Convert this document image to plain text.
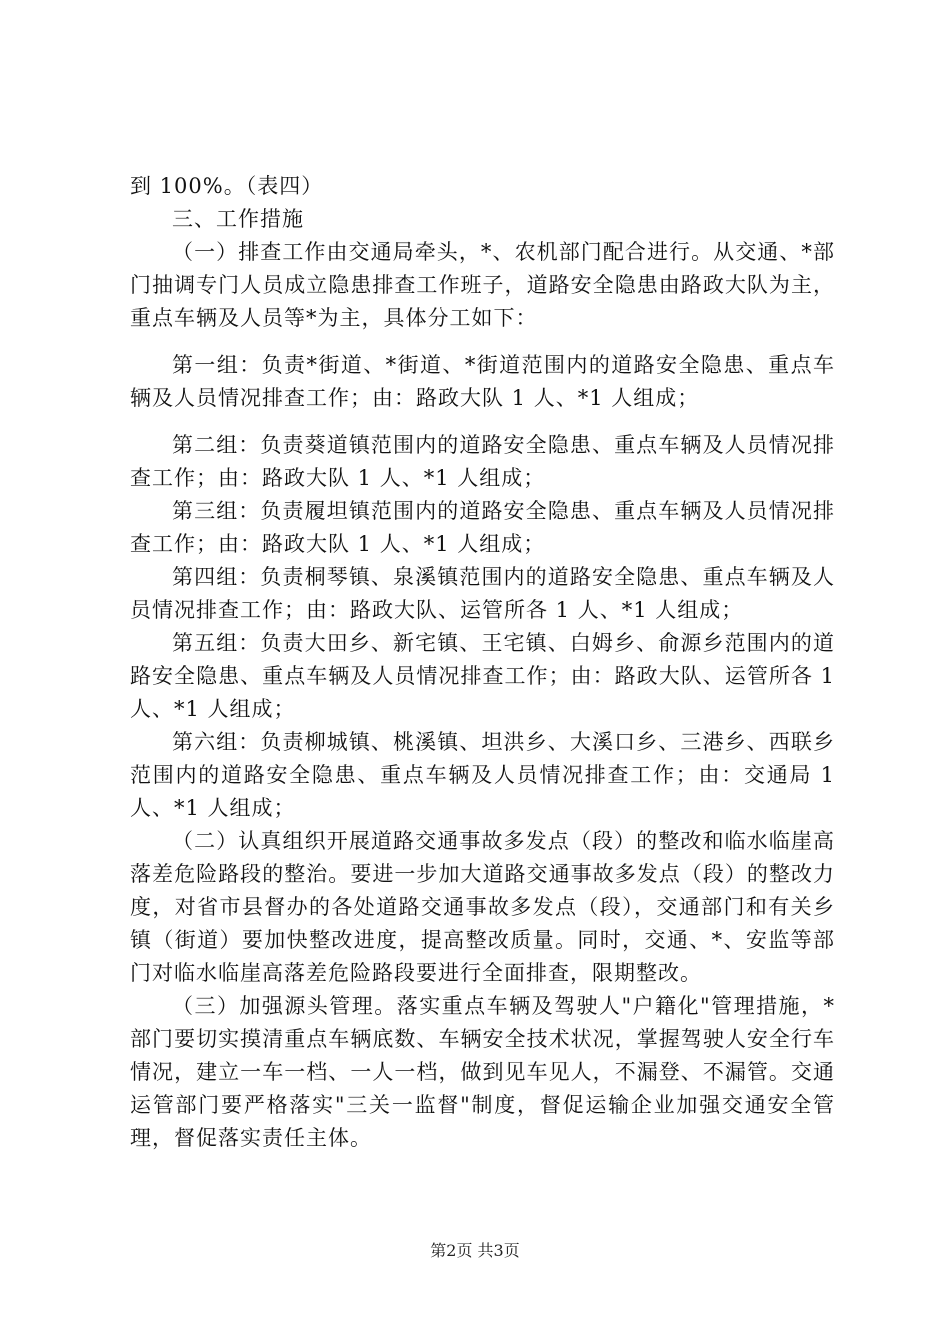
到 100%。（表四）

三、工作措施

（一）排查工作由交通局牵头，*、农机部门配合进行。从交通、*部门抽调专门人员成立隐患排查工作班子，道路安全隐患由路政大队为主，重点车辆及人员等*为主，具体分工如下：

第一组：负责*街道、*街道、*街道范围内的道路安全隐患、重点车辆及人员情况排查工作；由：路政大队 1 人、*1 人组成；

第二组：负责葵道镇范围内的道路安全隐患、重点车辆及人员情况排查工作；由：路政大队 1 人、*1 人组成；

第三组：负责履坦镇范围内的道路安全隐患、重点车辆及人员情况排查工作；由：路政大队 1 人、*1 人组成；

第四组：负责桐琴镇、泉溪镇范围内的道路安全隐患、重点车辆及人员情况排查工作；由：路政大队、运管所各 1 人、*1 人组成；

第五组：负责大田乡、新宅镇、王宅镇、白姆乡、俞源乡范围内的道路安全隐患、重点车辆及人员情况排查工作；由：路政大队、运管所各 1 人、*1 人组成；

第六组：负责柳城镇、桃溪镇、坦洪乡、大溪口乡、三港乡、西联乡范围内的道路安全隐患、重点车辆及人员情况排查工作；由：交通局 1 人、*1 人组成；

（二）认真组织开展道路交通事故多发点（段）的整改和临水临崖高落差危险路段的整治。要进一步加大道路交通事故多发点（段）的整改力度，对省市县督办的各处道路交通事故多发点（段），交通部门和有关乡镇（街道）要加快整改进度，提高整改质量。同时，交通、*、安监等部门对临水临崖高落差危险路段要进行全面排查，限期整改。

（三）加强源头管理。落实重点车辆及驾驶人"户籍化"管理措施，*部门要切实摸清重点车辆底数、车辆安全技术状况，掌握驾驶人安全行车情况，建立一车一档、一人一档，做到见车见人，不漏登、不漏管。交通运管部门要严格落实"三关一监督"制度，督促运输企业加强交通安全管理，督促落实责任主体。

第2页 共3页
